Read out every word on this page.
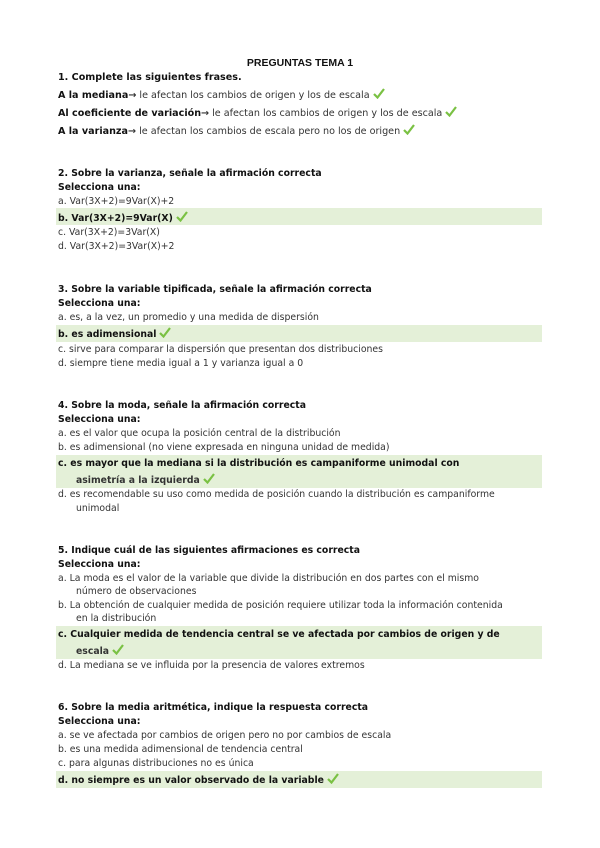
PREGUNTAS TEMA 1
1. Complete las siguientes frases.
A la mediana→ le afectan los cambios de origen y los de escala
Al coeficiente de variación→ le afectan los cambios de origen y los de escala
A la varianza→ le afectan los cambios de escala pero no los de origen
2. Sobre la varianza, señale la afirmación correcta
Selecciona una:
a. Var(3X+2)=9Var(X)+2
b. Var(3X+2)=9Var(X)
c. Var(3X+2)=3Var(X)
d. Var(3X+2)=3Var(X)+2
3. Sobre la variable tipificada, señale la afirmación correcta
Selecciona una:
a. es, a la vez, un promedio y una medida de dispersión
b. es adimensional
c. sirve para comparar la dispersión que presentan dos distribuciones
d. siempre tiene media igual a 1 y varianza igual a 0
4. Sobre la moda, señale la afirmación correcta
Selecciona una:
a. es el valor que ocupa la posición central de la distribución
b. es adimensional (no viene expresada en ninguna unidad de medida)
c. es mayor que la mediana si la distribución es campaniforme unimodal con
asimetría a la izquierda
d. es recomendable su uso como medida de posición cuando la distribución es campaniforme
unimodal
5. Indique cuál de las siguientes afirmaciones es correcta
Selecciona una:
a. La moda es el valor de la variable que divide la distribución en dos partes con el mismo
número de observaciones
b. La obtención de cualquier medida de posición requiere utilizar toda la información contenida
en la distribución
c. Cualquier medida de tendencia central se ve afectada por cambios de origen y de
escala
d. La mediana se ve influida por la presencia de valores extremos
6. Sobre la media aritmética, indique la respuesta correcta
Selecciona una:
a. se ve afectada por cambios de origen pero no por cambios de escala
b. es una medida adimensional de tendencia central
c. para algunas distribuciones no es única
d. no siempre es un valor observado de la variable
